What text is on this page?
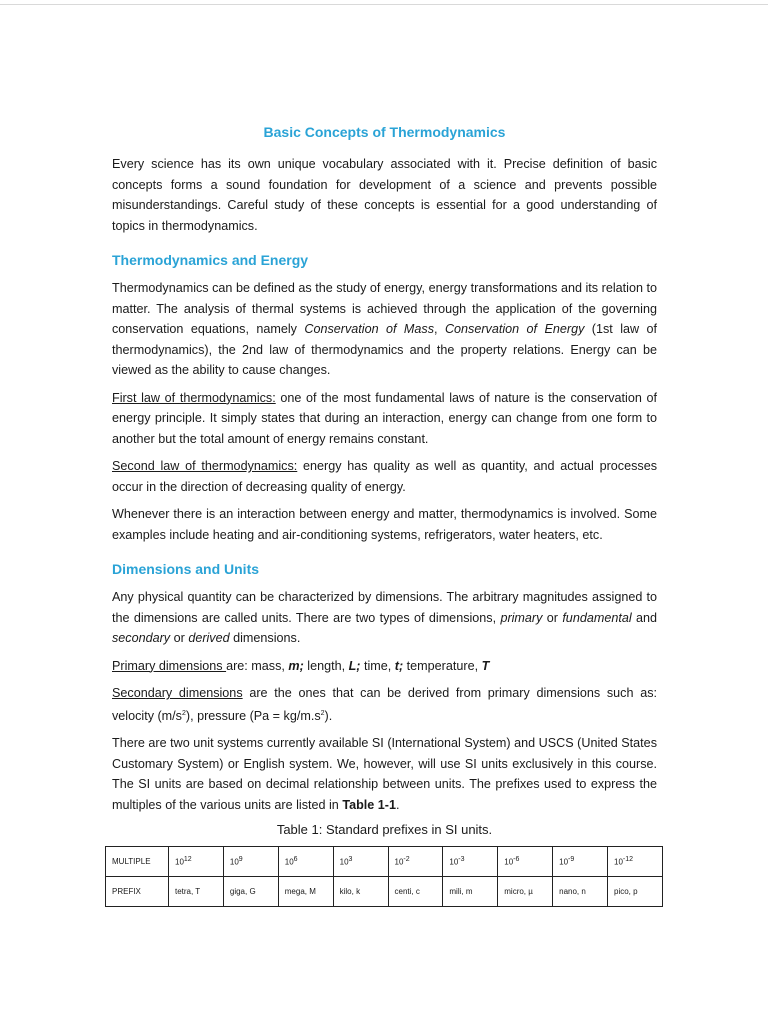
Basic Concepts of Thermodynamics

Every science has its own unique vocabulary associated with it. Precise definition of basic concepts forms a sound foundation for development of a science and prevents possible misunderstandings. Careful study of these concepts is essential for a good understanding of topics in thermodynamics.

Thermodynamics and Energy

Thermodynamics can be defined as the study of energy, energy transformations and its relation to matter. The analysis of thermal systems is achieved through the application of the governing conservation equations, namely Conservation of Mass, Conservation of Energy (1st law of thermodynamics), the 2nd law of thermodynamics and the property relations. Energy can be viewed as the ability to cause changes.

First law of thermodynamics: one of the most fundamental laws of nature is the conservation of energy principle. It simply states that during an interaction, energy can change from one form to another but the total amount of energy remains constant.

Second law of thermodynamics: energy has quality as well as quantity, and actual processes occur in the direction of decreasing quality of energy.

Whenever there is an interaction between energy and matter, thermodynamics is involved. Some examples include heating and air-conditioning systems, refrigerators, water heaters, etc.

Dimensions and Units

Any physical quantity can be characterized by dimensions. The arbitrary magnitudes assigned to the dimensions are called units. There are two types of dimensions, primary or fundamental and secondary or derived dimensions.

Primary dimensions are: mass, m; length, L; time, t; temperature, T

Secondary dimensions are the ones that can be derived from primary dimensions such as: velocity $(m/s^2)$, pressure $(Pa = kg/m.s^2)$.

There are two unit systems currently available SI (International System) and USCS (United States Customary System) or English system. We, however, will use SI units exclusively in this course. The SI units are based on decimal relationship between units. The prefixes used to express the multiples of the various units are listed in Table 1-1.

Table 1: Standard prefixes in SI units.
MULTIPLE	$10^{12}$	$10^9$	$10^6$	$10^3$	$10^{-2}$	$10^{-3}$	$10^{-6}$	$10^{-9}$	$10^{-12}$
PREFIX	tetra, T	giga, G	mega, M	kilo, k	centi, c	mili, m	micro, µ	nano, n	pico, p
